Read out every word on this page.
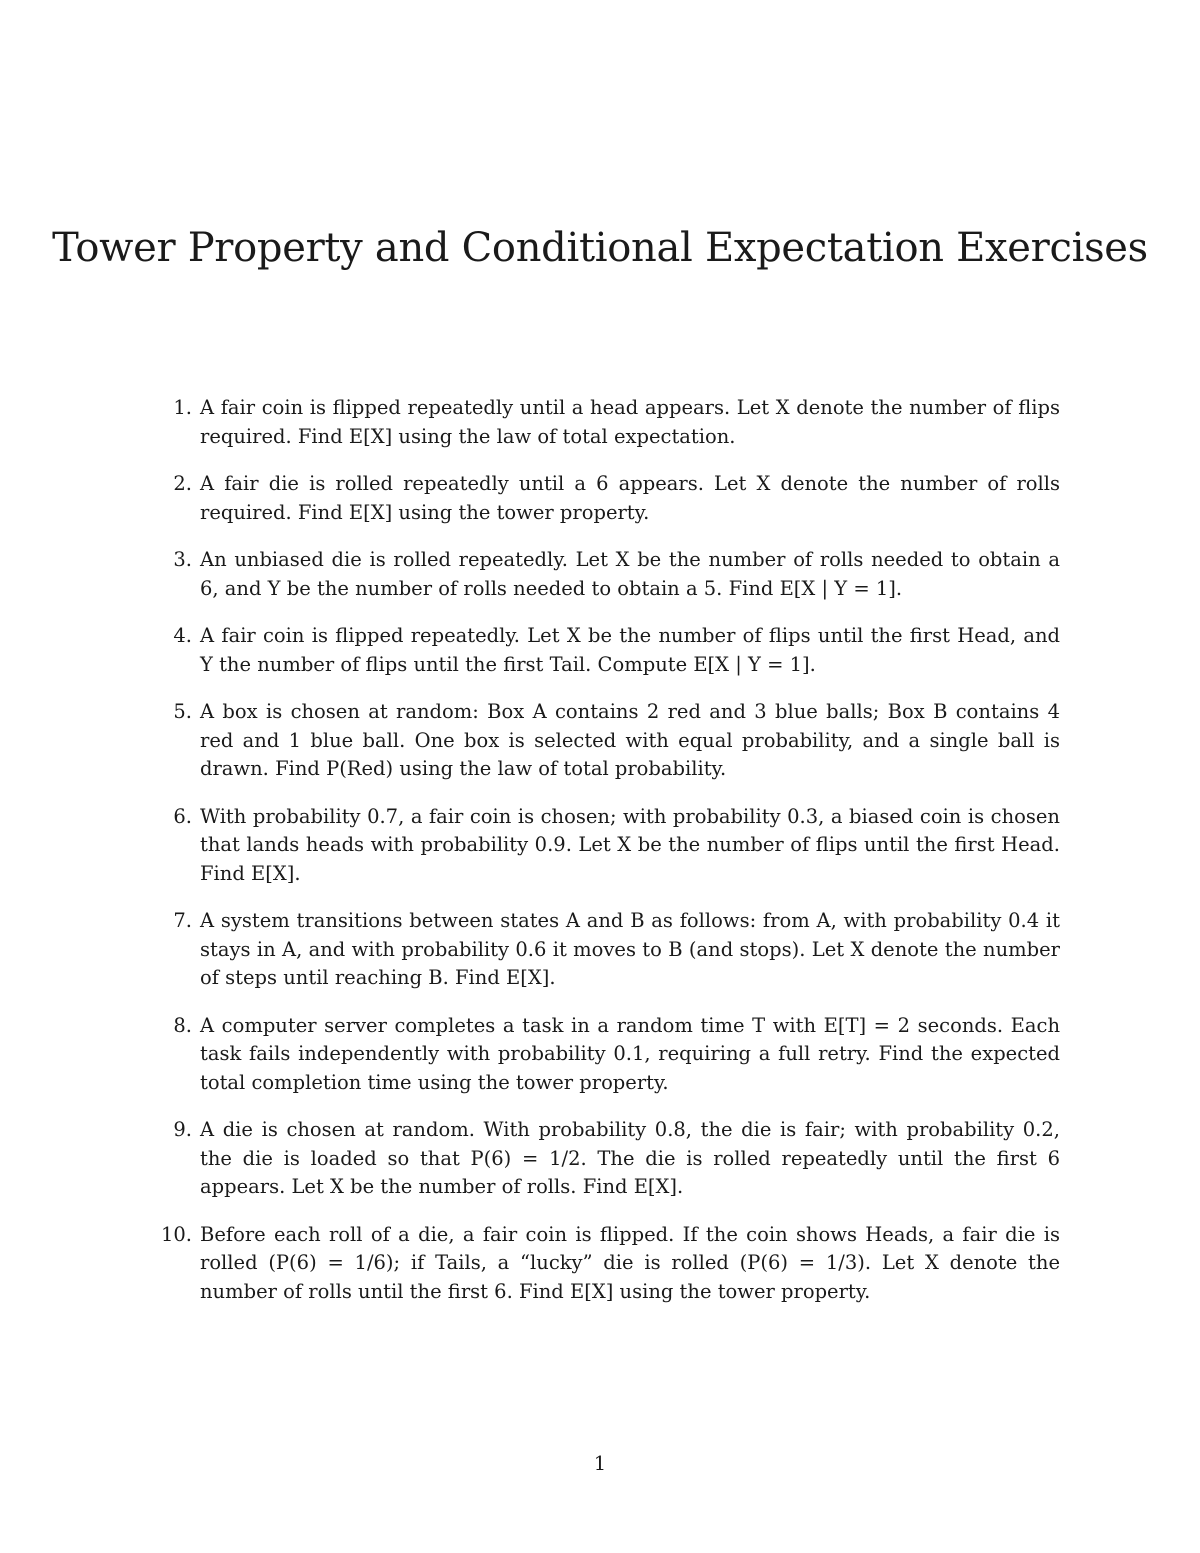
Tower Property and Conditional Expectation Exercises
1. A fair coin is flipped repeatedly until a head appears. Let X denote the number of flips required. Find E[X] using the law of total expectation.
2. A fair die is rolled repeatedly until a 6 appears. Let X denote the number of rolls required. Find E[X] using the tower property.
3. An unbiased die is rolled repeatedly. Let X be the number of rolls needed to obtain a 6, and Y be the number of rolls needed to obtain a 5. Find E[X | Y = 1].
4. A fair coin is flipped repeatedly. Let X be the number of flips until the first Head, and Y the number of flips until the first Tail. Compute E[X | Y = 1].
5. A box is chosen at random: Box A contains 2 red and 3 blue balls; Box B contains 4 red and 1 blue ball. One box is selected with equal probability, and a single ball is drawn. Find P(Red) using the law of total probability.
6. With probability 0.7, a fair coin is chosen; with probability 0.3, a biased coin is chosen that lands heads with probability 0.9. Let X be the number of flips until the first Head. Find E[X].
7. A system transitions between states A and B as follows: from A, with probability 0.4 it stays in A, and with probability 0.6 it moves to B (and stops). Let X denote the number of steps until reaching B. Find E[X].
8. A computer server completes a task in a random time T with E[T] = 2 seconds. Each task fails independently with probability 0.1, requiring a full retry. Find the expected total completion time using the tower property.
9. A die is chosen at random. With probability 0.8, the die is fair; with probability 0.2, the die is loaded so that P(6) = 1/2. The die is rolled repeatedly until the first 6 appears. Let X be the number of rolls. Find E[X].
10. Before each roll of a die, a fair coin is flipped. If the coin shows Heads, a fair die is rolled (P(6) = 1/6); if Tails, a “lucky” die is rolled (P(6) = 1/3). Let X denote the number of rolls until the first 6. Find E[X] using the tower property.
1
